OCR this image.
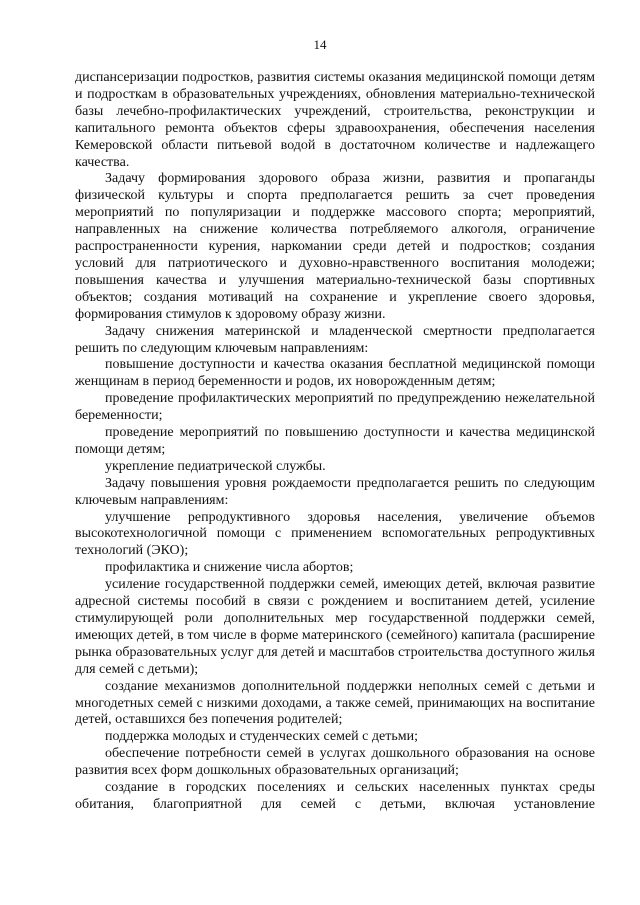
14

диспансеризации подростков, развития системы оказания медицинской помощи детям и подросткам в образовательных учреждениях, обновления материально-технической базы лечебно-профилактических учреждений, строительства, реконструкции и капитального ремонта объектов сферы здравоохранения, обеспечения населения Кемеровской области питьевой водой в достаточном количестве и надлежащего качества.

Задачу формирования здорового образа жизни, развития и пропаганды физической культуры и спорта предполагается решить за счет проведения мероприятий по популяризации и поддержке массового спорта; мероприятий, направленных на снижение количества потребляемого алкоголя, ограничение распространенности курения, наркомании среди детей и подростков; создания условий для патриотического и духовно-нравственного воспитания молодежи; повышения качества и улучшения материально-технической базы спортивных объектов; создания мотиваций на сохранение и укрепление своего здоровья, формирования стимулов к здоровому образу жизни.

Задачу снижения материнской и младенческой смертности предполагается решить по следующим ключевым направлениям:

повышение доступности и качества оказания бесплатной медицинской помощи женщинам в период беременности и родов, их новорожденным детям;

проведение профилактических мероприятий по предупреждению нежелательной беременности;

проведение мероприятий по повышению доступности и качества медицинской помощи детям;

укрепление педиатрической службы.

Задачу повышения уровня рождаемости предполагается решить по следующим ключевым направлениям:

улучшение репродуктивного здоровья населения, увеличение объемов высокотехнологичной помощи с применением вспомогательных репродуктивных технологий (ЭКО);

профилактика и снижение числа абортов;

усиление государственной поддержки семей, имеющих детей, включая развитие адресной системы пособий в связи с рождением и воспитанием детей, усиление стимулирующей роли дополнительных мер государственной поддержки семей, имеющих детей, в том числе в форме материнского (семейного) капитала (расширение рынка образовательных услуг для детей и масштабов строительства доступного жилья для семей с детьми);

создание механизмов дополнительной поддержки неполных семей с детьми и многодетных семей с низкими доходами, а также семей, принимающих на воспитание детей, оставшихся без попечения родителей;

поддержка молодых и студенческих семей с детьми;

обеспечение потребности семей в услугах дошкольного образования на основе развития всех форм дошкольных образовательных организаций;

создание в городских поселениях и сельских населенных пунктах среды обитания, благоприятной для семей с детьми, включая установление
